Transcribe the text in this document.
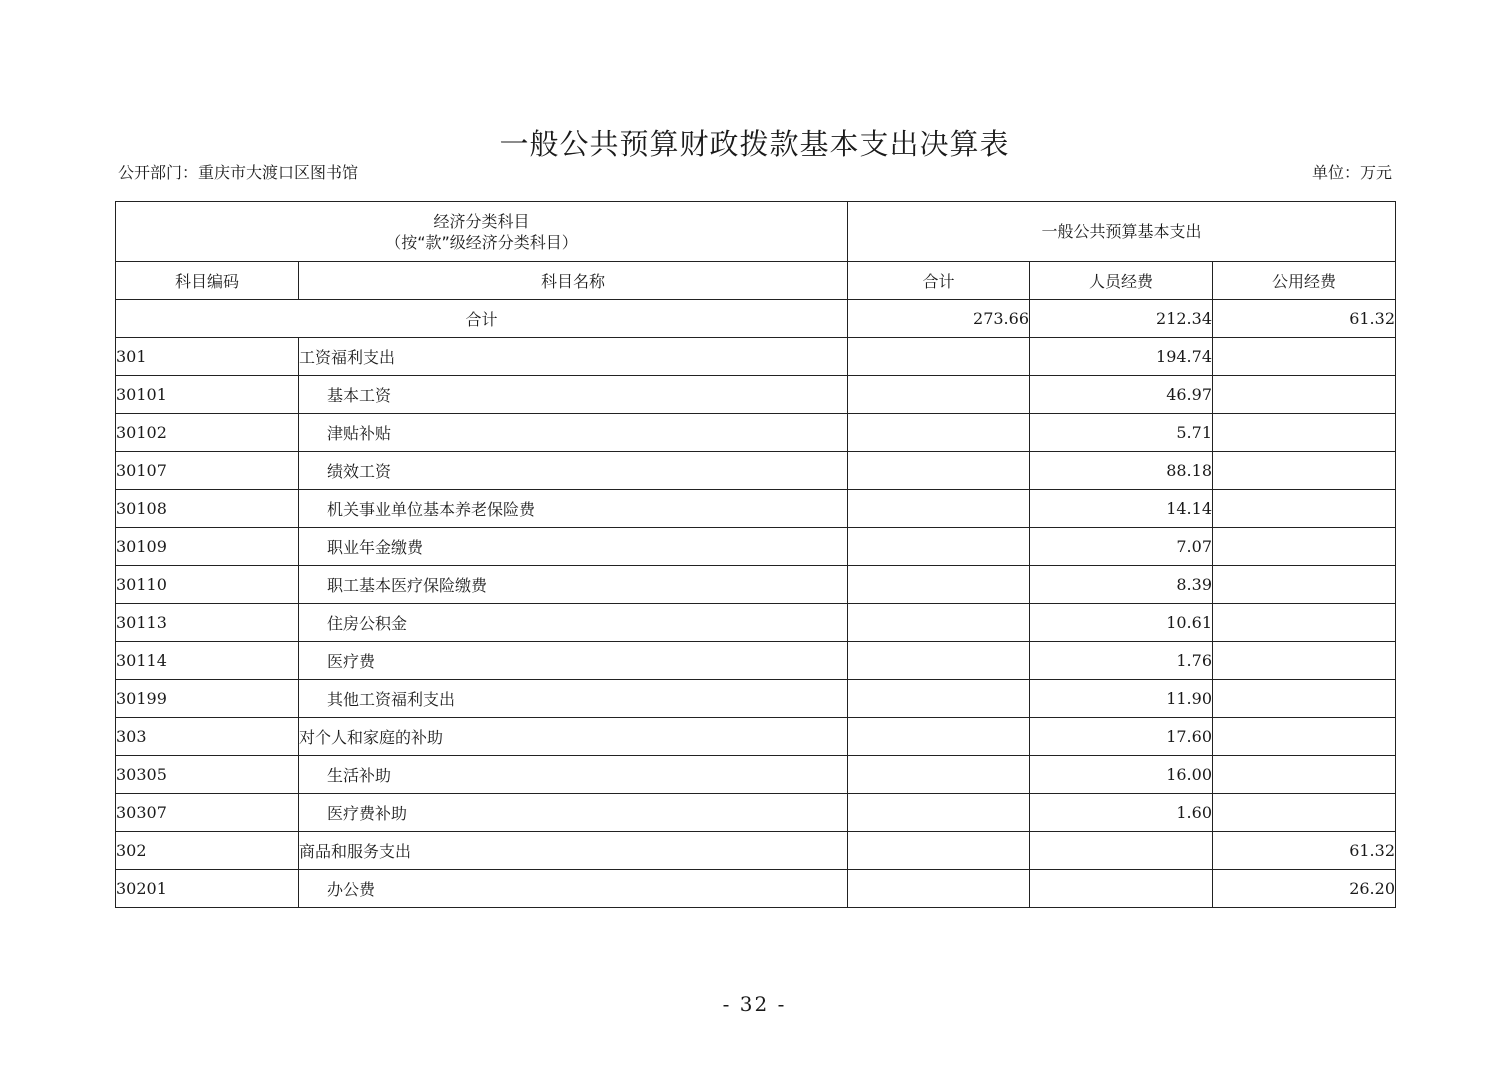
一般公共预算财政拨款基本支出决算表
公开部门：重庆市大渡口区图书馆	单位：万元
经济分类科目
（按“款”级经济分类科目）		一般公共预算基本支出		
科目编码	科目名称	合计	人员经费	公用经费
合计		273.66	212.34	61.32
301	工资福利支出		194.74	
30101	基本工资		46.97	
30102	津贴补贴		5.71	
30107	绩效工资		88.18	
30108	机关事业单位基本养老保险费		14.14	
30109	职业年金缴费		7.07	
30110	职工基本医疗保险缴费		8.39	
30113	住房公积金		10.61	
30114	医疗费		1.76	
30199	其他工资福利支出		11.90	
303	对个人和家庭的补助		17.60	
30305	生活补助		16.00	
30307	医疗费补助		1.60	
302	商品和服务支出			61.32
30201	办公费			26.20
- 32 -
